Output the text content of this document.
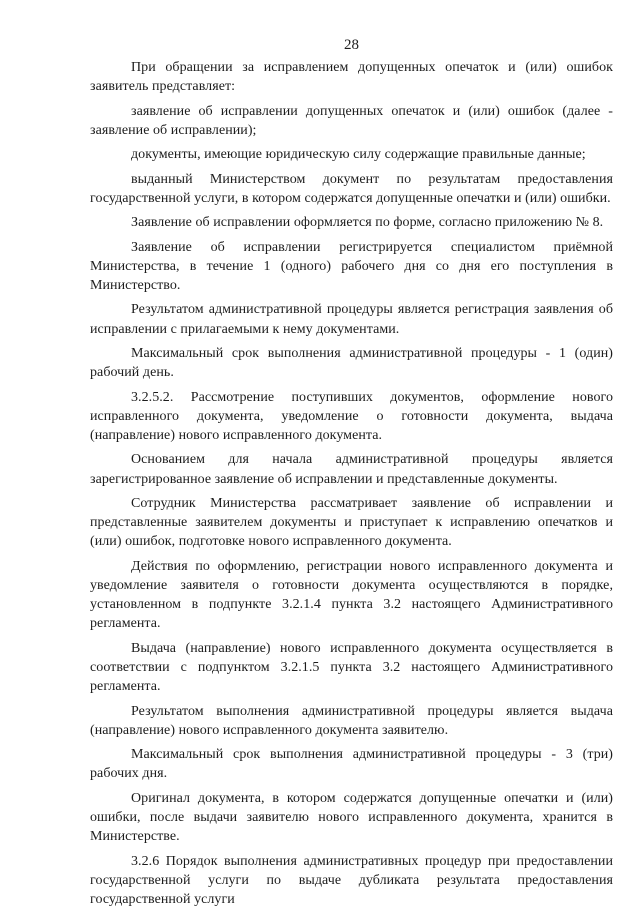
28

При обращении за исправлением допущенных опечаток и (или) ошибок заявитель представляет:

заявление об исправлении допущенных опечаток и (или) ошибок (далее - заявление об исправлении);

документы, имеющие юридическую силу содержащие правильные данные;

выданный Министерством документ по результатам предоставления государственной услуги, в котором содержатся допущенные опечатки и (или) ошибки.

Заявление об исправлении оформляется по форме, согласно приложению № 8.

Заявление об исправлении регистрируется специалистом приёмной Министерства, в течение 1 (одного) рабочего дня со дня его поступления в Министерство.

Результатом административной процедуры является регистрация заявления об исправлении с прилагаемыми к нему документами.

Максимальный срок выполнения административной процедуры - 1 (один) рабочий день.

3.2.5.2. Рассмотрение поступивших документов, оформление нового исправленного документа, уведомление о готовности документа, выдача (направление) нового исправленного документа.

Основанием для начала административной процедуры является зарегистрированное заявление об исправлении и представленные документы.

Сотрудник Министерства рассматривает заявление об исправлении и представленные заявителем документы и приступает к исправлению опечатков и (или) ошибок, подготовке нового исправленного документа.

Действия по оформлению, регистрации нового исправленного документа и уведомление заявителя о готовности документа осуществляются в порядке, установленном в подпункте 3.2.1.4 пункта 3.2 настоящего Административного регламента.

Выдача (направление) нового исправленного документа осуществляется в соответствии с подпунктом 3.2.1.5 пункта 3.2 настоящего Административного регламента.

Результатом выполнения административной процедуры является выдача (направление) нового исправленного документа заявителю.

Максимальный срок выполнения административной процедуры - 3 (три) рабочих дня.

Оригинал документа, в котором содержатся допущенные опечатки и (или) ошибки, после выдачи заявителю нового исправленного документа, хранится в Министерстве.

3.2.6 Порядок выполнения административных процедур при предоставлении государственной услуги по выдаче дубликата результата предоставления государственной услуги
